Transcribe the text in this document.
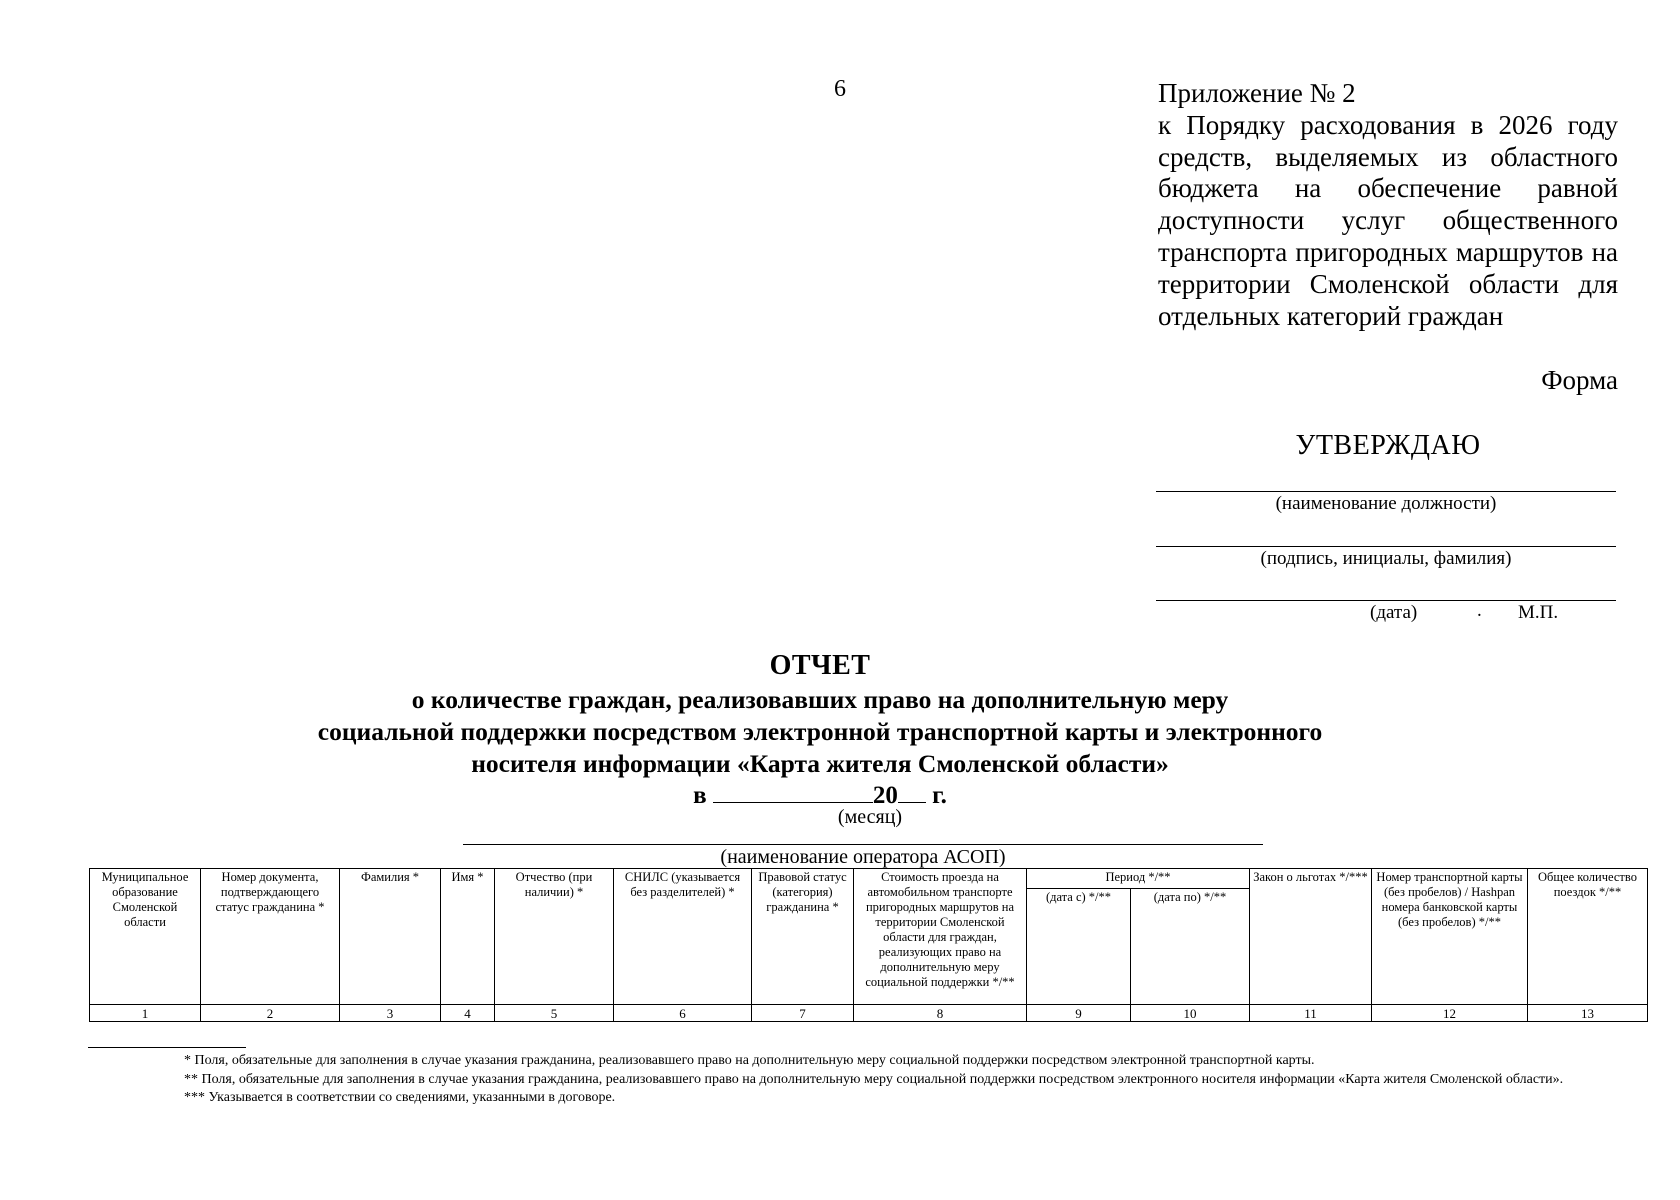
6	Приложение № 2
к Порядку расходования в 2026 году средств, выделяемых из областного бюджета на обеспечение равной доступности услуг общественного транспорта пригородных маршрутов на территории Смоленской области для отдельных категорий граждан
Форма
УТВЕРЖДАЮ
(наименование должности)
(подпись, инициалы, фамилия)
(дата)	. М.П.
ОТЧЕТ
о количестве граждан, реализовавших право на дополнительную меру
социальной поддержки посредством электронной транспортной карты и электронного
носителя информации «Карта жителя Смоленской области»
в	20 г.
(месяц)
(наименование оператора АСОП)
Муниципальное образование Смоленской области	Номер документа, подтверждающего статус гражданина *	Фамилия *	Имя *	Отчество (при наличии) *	СНИЛС (указывается без разделителей) *	Правовой статус (категория) гражданина *	Стоимость проезда на автомобильном транспорте пригородных маршрутов на территории Смоленской области для граждан, реализующих право на дополнительную меру социальной поддержки */**	Период */**		Закон о льготах */***	Номер транспортной карты (без пробелов) / Hashpan номера банковской карты (без пробелов) */**	Общее количество поездок */**
								(дата с) */**	(дата по) */**			
1	2	3	4	5	6	7	8	9	10	11	12	13
* Поля, обязательные для заполнения в случае указания гражданина, реализовавшего право на дополнительную меру социальной поддержки посредством электронной транспортной карты.
** Поля, обязательные для заполнения в случае указания гражданина, реализовавшего право на дополнительную меру социальной поддержки посредством электронного носителя информации «Карта жителя Смоленской области».
*** Указывается в соответствии со сведениями, указанными в договоре.
